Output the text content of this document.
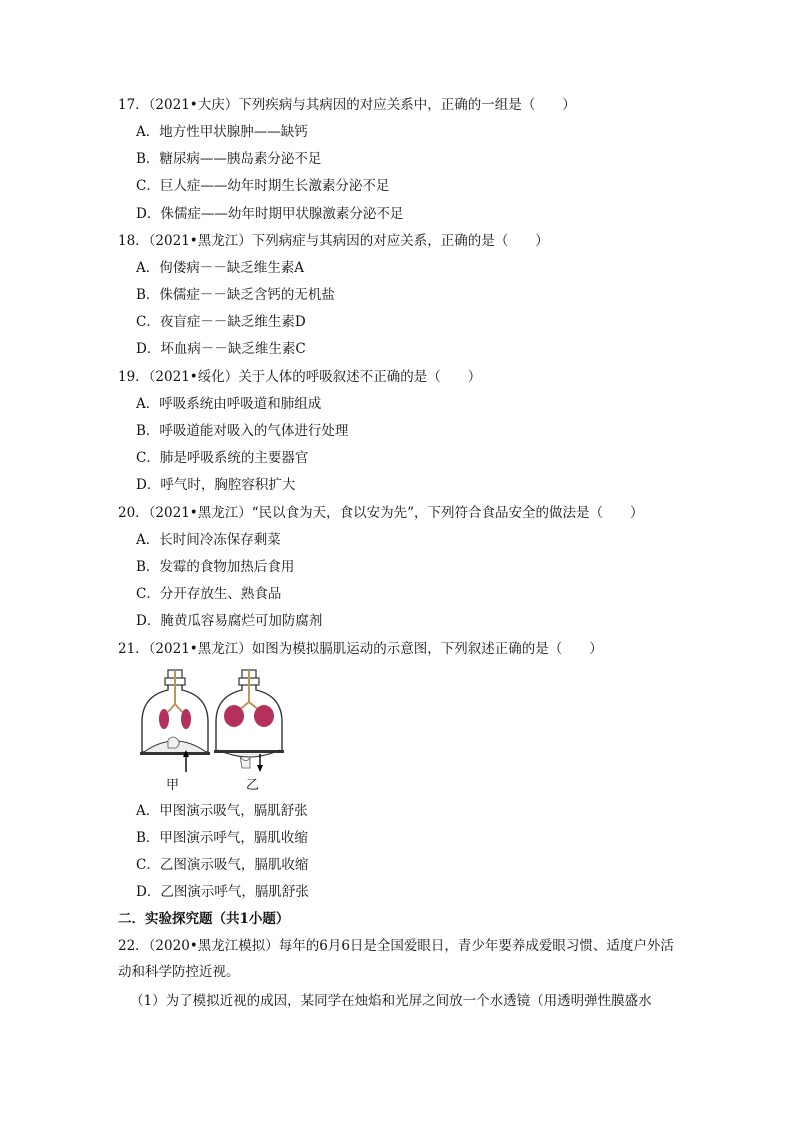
17．（2021•大庆）下列疾病与其病因的对应关系中，正确的一组是（　　）
A．地方性甲状腺肿——缺钙
B．糖尿病——胰岛素分泌不足
C．巨人症——幼年时期生长激素分泌不足
D．侏儒症——幼年时期甲状腺激素分泌不足
18．（2021•黑龙江）下列病症与其病因的对应关系，正确的是（　　）
A．佝偻病－－缺乏维生素A
B．侏儒症－－缺乏含钙的无机盐
C．夜盲症－－缺乏维生素D
D．坏血病－－缺乏维生素C
19．（2021•绥化）关于人体的呼吸叙述不正确的是（　　）
A．呼吸系统由呼吸道和肺组成
B．呼吸道能对吸入的气体进行处理
C．肺是呼吸系统的主要器官
D．呼气时，胸腔容积扩大
20．（2021•黑龙江）“民以食为天，食以安为先”，下列符合食品安全的做法是（　　）
A．长时间冷冻保存剩菜
B．发霉的食物加热后食用
C．分开存放生、熟食品
D．腌黄瓜容易腐烂可加防腐剂
21．（2021•黑龙江）如图为模拟膈肌运动的示意图，下列叙述正确的是（　　）
甲	乙
A．甲图演示吸气，膈肌舒张
B．甲图演示呼气，膈肌收缩
C．乙图演示吸气，膈肌收缩
D．乙图演示呼气，膈肌舒张
二．实验探究题（共1小题）
22．（2020•黑龙江模拟）每年的6月6日是全国爱眼日，青少年要养成爱眼习惯、适度户外活动和科学防控近视。
（1）为了模拟近视的成因，某同学在烛焰和光屏之间放一个水透镜（用透明弹性膜盛水
